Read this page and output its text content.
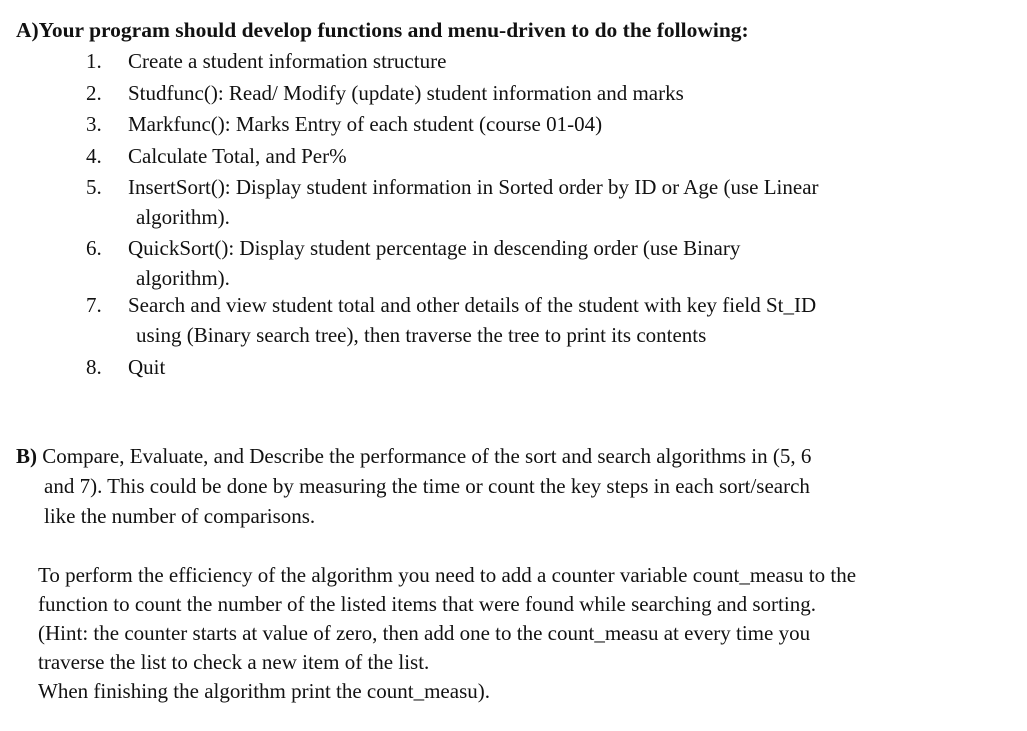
A)Your program should develop functions and menu-driven to do the following:
1. Create a student information structure
2. Studfunc(): Read/ Modify (update) student information and marks
3. Markfunc(): Marks Entry of each student (course 01-04)
4. Calculate Total, and Per%
5. InsertSort(): Display student information in Sorted order by ID or Age (use Linear
algorithm).
6. QuickSort(): Display student percentage in descending order (use Binary
algorithm).
7. Search and view student total and other details of the student with key field St_ID
using (Binary search tree), then traverse the tree to print its contents
8. Quit
B) Compare, Evaluate, and Describe the performance of the sort and search algorithms in (5, 6
and 7). This could be done by measuring the time or count the key steps in each sort/search
like the number of comparisons.
To perform the efficiency of the algorithm you need to add a counter variable count_measu to the
function to count the number of the listed items that were found while searching and sorting.
(Hint: the counter starts at value of zero, then add one to the count_measu at every time you
traverse the list to check a new item of the list.
When finishing the algorithm print the count_measu).
